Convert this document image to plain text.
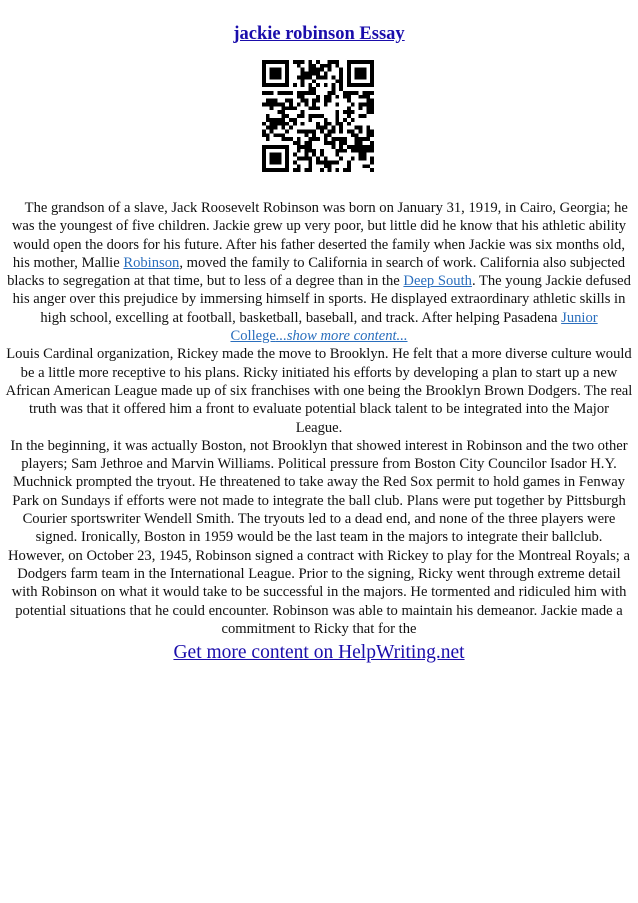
jackie robinson Essay

The grandson of a slave, Jack Roosevelt Robinson was born on January 31, 1919, in Cairo, Georgia; he was the youngest of five children. Jackie grew up very poor, but little did he know that his athletic ability would open the doors for his future. After his father deserted the family when Jackie was six months old, his mother, Mallie Robinson, moved the family to California in search of work. California also subjected blacks to segregation at that time, but to less of a degree than in the Deep South. The young Jackie defused his anger over this prejudice by immersing himself in sports. He displayed extraordinary athletic skills in high school, excelling at football, basketball, baseball, and track. After helping Pasadena Junior College...show more content...

Louis Cardinal organization, Rickey made the move to Brooklyn. He felt that a more diverse culture would be a little more receptive to his plans. Ricky initiated his efforts by developing a plan to start up a new African American League made up of six franchises with one being the Brooklyn Brown Dodgers. The real truth was that it offered him a front to evaluate potential black talent to be integrated into the Major League.

In the beginning, it was actually Boston, not Brooklyn that showed interest in Robinson and the two other players; Sam Jethroe and Marvin Williams. Political pressure from Boston City Councilor Isador H.Y. Muchnick prompted the tryout. He threatened to take away the Red Sox permit to hold games in Fenway Park on Sundays if efforts were not made to integrate the ball club. Plans were put together by Pittsburgh Courier sportswriter Wendell Smith. The tryouts led to a dead end, and none of the three players were signed. Ironically, Boston in 1959 would be the last team in the majors to integrate their ballclub.

However, on October 23, 1945, Robinson signed a contract with Rickey to play for the Montreal Royals; a Dodgers farm team in the International League. Prior to the signing, Ricky went through extreme detail with Robinson on what it would take to be successful in the majors. He tormented and ridiculed him with potential situations that he could encounter. Robinson was able to maintain his demeanor. Jackie made a commitment to Ricky that for the

Get more content on HelpWriting.net
